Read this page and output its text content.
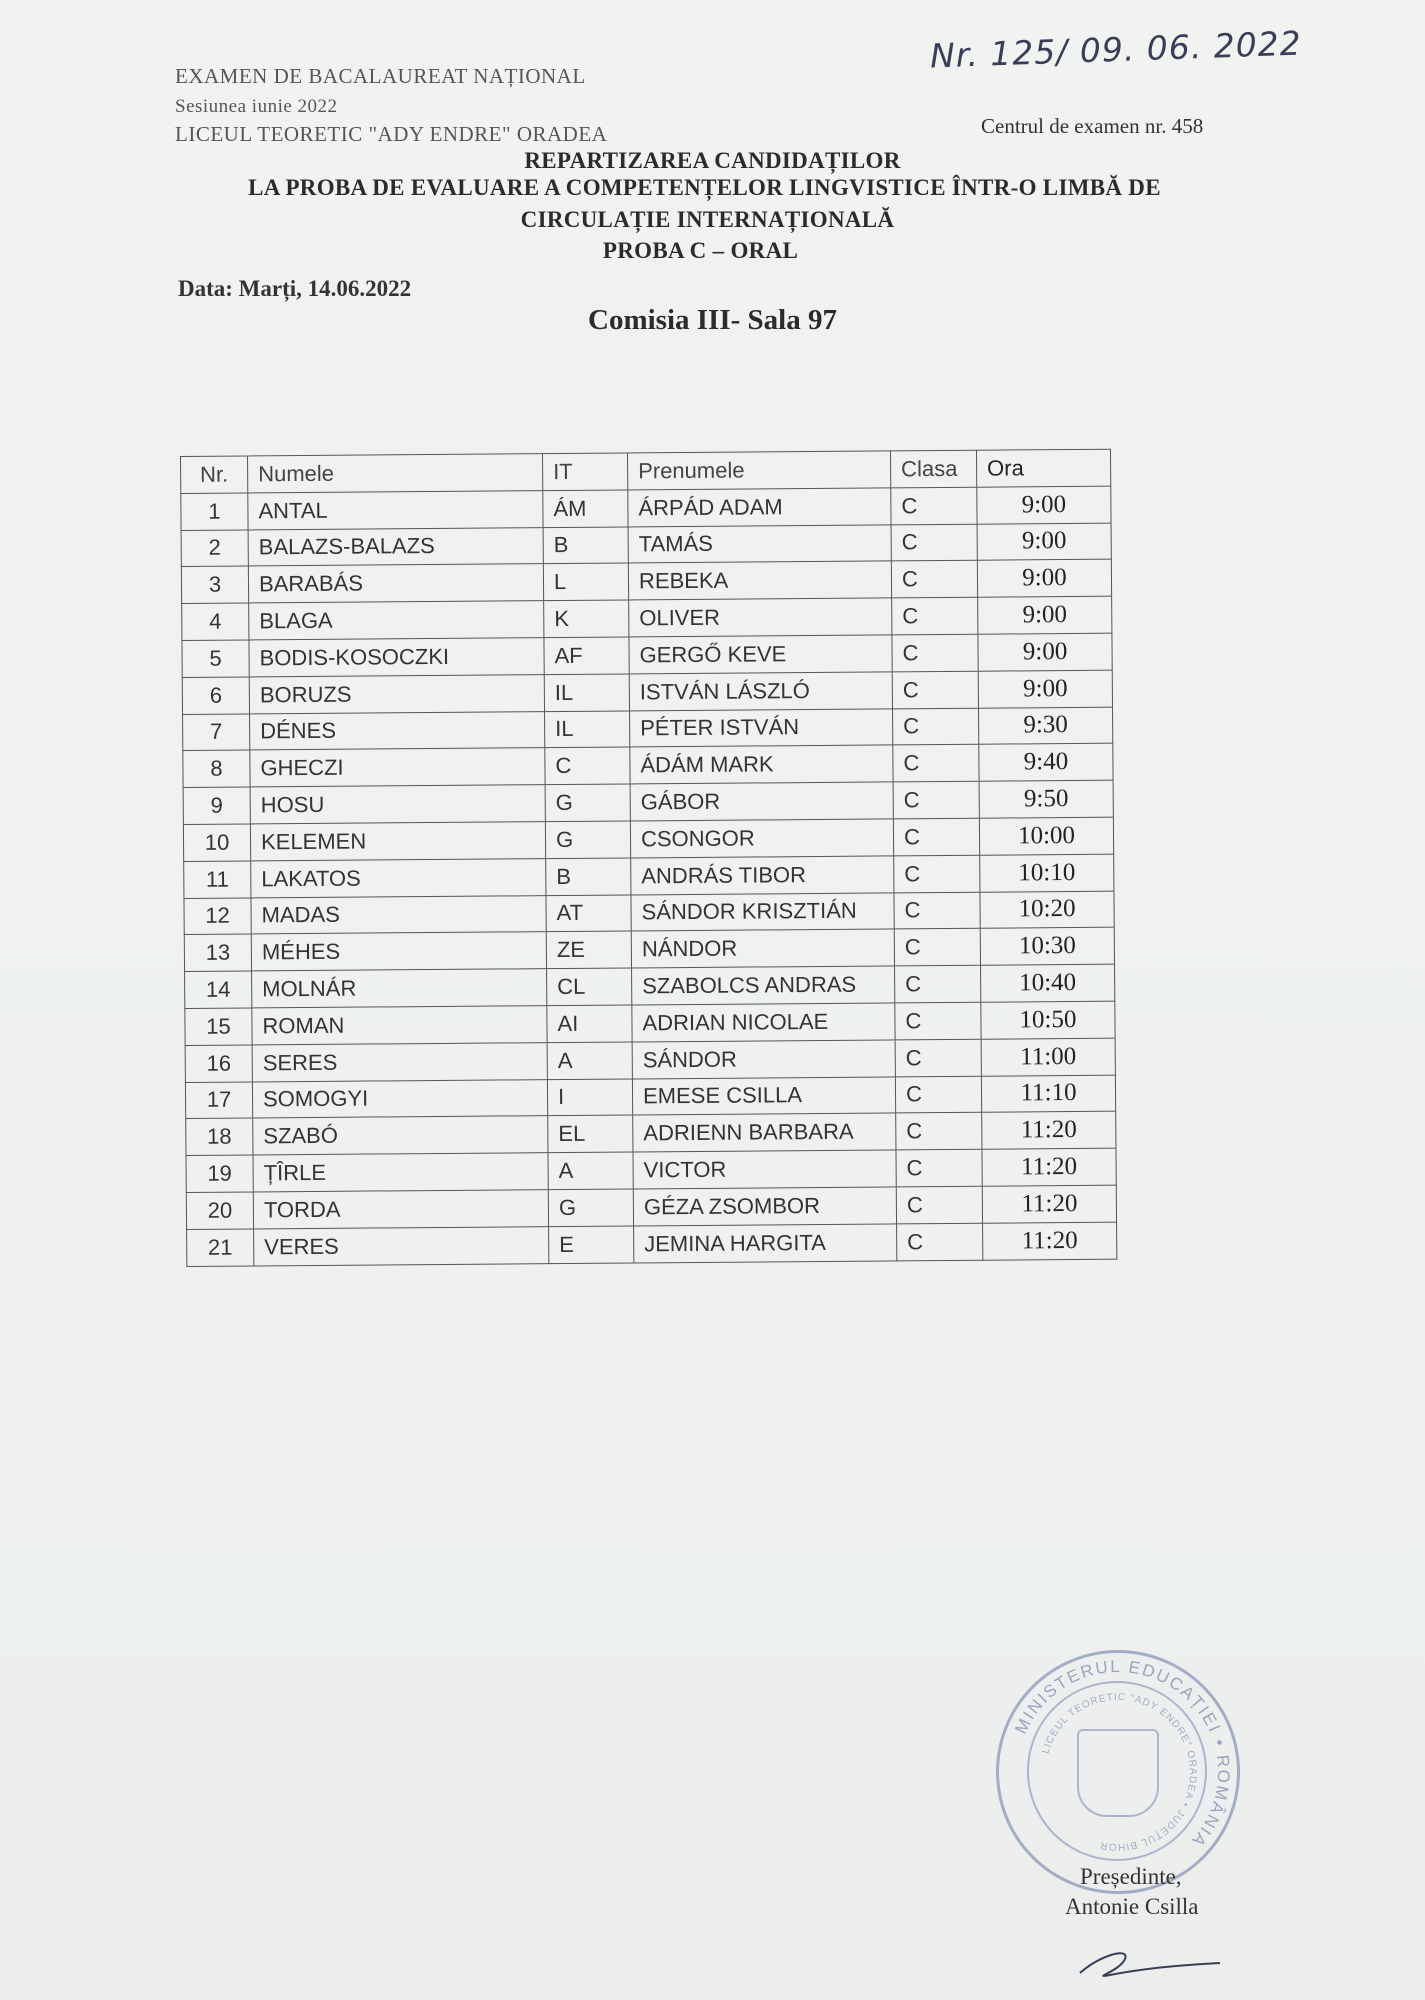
EXAMEN DE BACALAUREAT NAȚIONAL
Sesiunea iunie 2022
LICEUL TEORETIC "ADY ENDRE" ORADEA
Nr. 125/ 09. 06. 2022
Centrul de examen nr. 458
REPARTIZAREA CANDIDAȚILOR
LA PROBA DE EVALUARE A COMPETENȚELOR LINGVISTICE ÎNTR-O LIMBĂ DE
CIRCULAȚIE INTERNAȚIONALĂ
PROBA C – ORAL
Data: Marți, 14.06.2022
Comisia III- Sala 97
Nr.	Numele	IT	Prenumele	Clasa	Ora
1	ANTAL	ÁM	ÁRPÁD ADAM	C	9:00
2	BALAZS-BALAZS	B	TAMÁS	C	9:00
3	BARABÁS	L	REBEKA	C	9:00
4	BLAGA	K	OLIVER	C	9:00
5	BODIS-KOSOCZKI	AF	GERGŐ KEVE	C	9:00
6	BORUZS	IL	ISTVÁN LÁSZLÓ	C	9:00
7	DÉNES	IL	PÉTER ISTVÁN	C	9:30
8	GHECZI	C	ÁDÁM MARK	C	9:40
9	HOSU	G	GÁBOR	C	9:50
10	KELEMEN	G	CSONGOR	C	10:00
11	LAKATOS	B	ANDRÁS TIBOR	C	10:10
12	MADAS	AT	SÁNDOR KRISZTIÁN	C	10:20
13	MÉHES	ZE	NÁNDOR	C	10:30
14	MOLNÁR	CL	SZABOLCS ANDRAS	C	10:40
15	ROMAN	AI	ADRIAN NICOLAE	C	10:50
16	SERES	A	SÁNDOR	C	11:00
17	SOMOGYI	I	EMESE CSILLA	C	11:10
18	SZABÓ	EL	ADRIENN BARBARA	C	11:20
19	ȚÎRLE	A	VICTOR	C	11:20
20	TORDA	G	GÉZA ZSOMBOR	C	11:20
21	VERES	E	JEMINA HARGITA	C	11:20
MINISTERUL EDUCAȚIEI • ROMÂNIA
LICEUL TEORETIC "ADY ENDRE" ORADEA • JUDEȚUL BIHOR
Președinte,
Antonie Csilla
